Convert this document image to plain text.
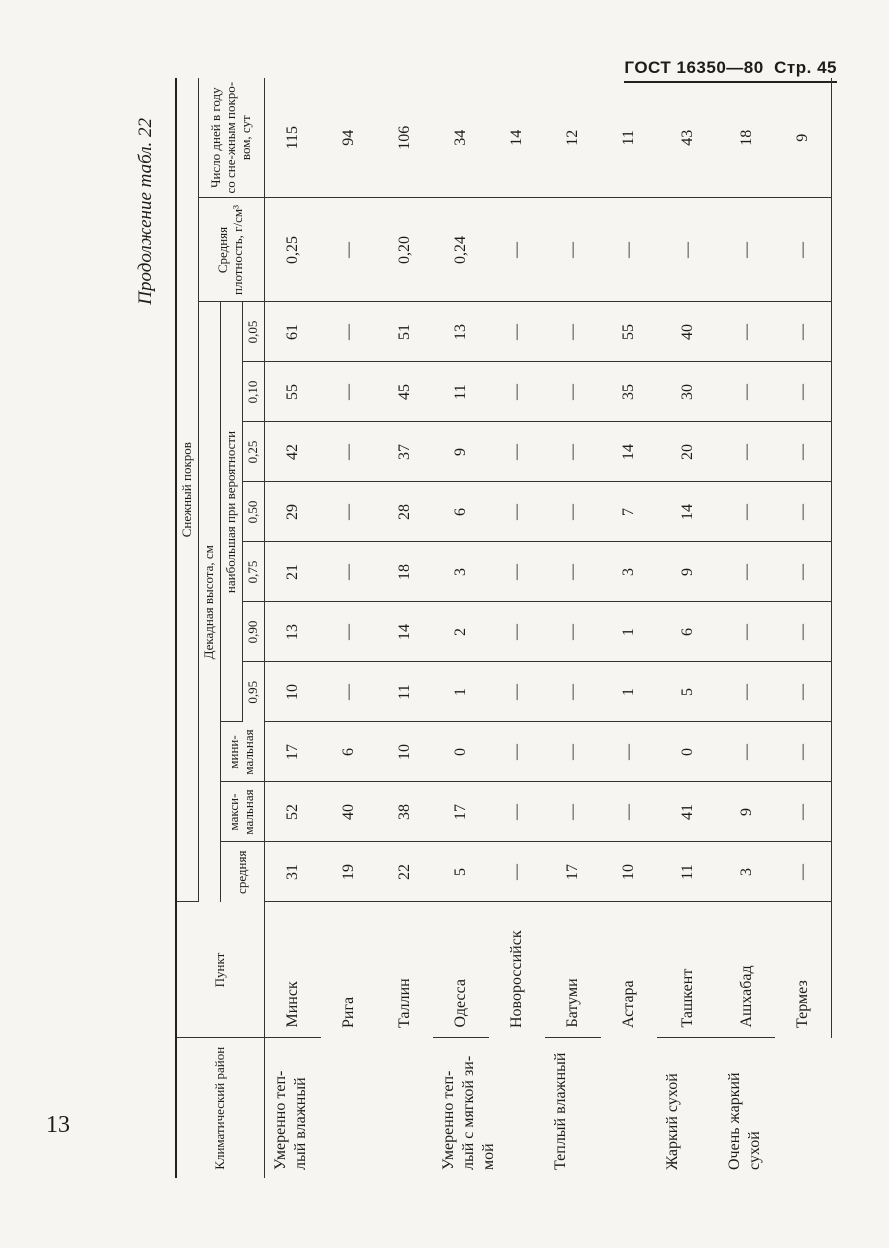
ГОСТ 16350—80 Стр. 45
13
Продолжение табл. 22
Климатический район	Пункт	Снежный покров											
		Декадная высота, см										Средняя плотность, г/см³	Число дней в году со сне-жным покро-вом, сут
		средняя	макси-мальная	мини-мальная	наибольшая при вероятности								
					0,95	0,90	0,75	0,50	0,25	0,10	0,05		
Умеренно теп-лый влажный	Минск	31	52	17	10	13	21	29	42	55	61	0,25	115
	Рига	19	40	6	—	—	—	—	—	—	—	—	94
	Таллин	22	38	10	11	14	18	28	37	45	51	0,20	106
Умеренно теп-лый с мягкой зи-мой	Одесса	5	17	0	1	2	3	6	9	11	13	0,24	34
	Новороссийск	—	—	—	—	—	—	—	—	—	—	—	14
Теплый влажный	Батуми	17	—	—	—	—	—	—	—	—	—	—	12
	Астара	10	—	—	1	1	3	7	14	35	55	—	11
Жаркий сухой	Ташкент	11	41	0	5	6	9	14	20	30	40	—	43
Очень жаркий сухой	Ашхабад	3	9	—	—	—	—	—	—	—	—	—	18
	Термез	—	—	—	—	—	—	—	—	—	—	—	9
